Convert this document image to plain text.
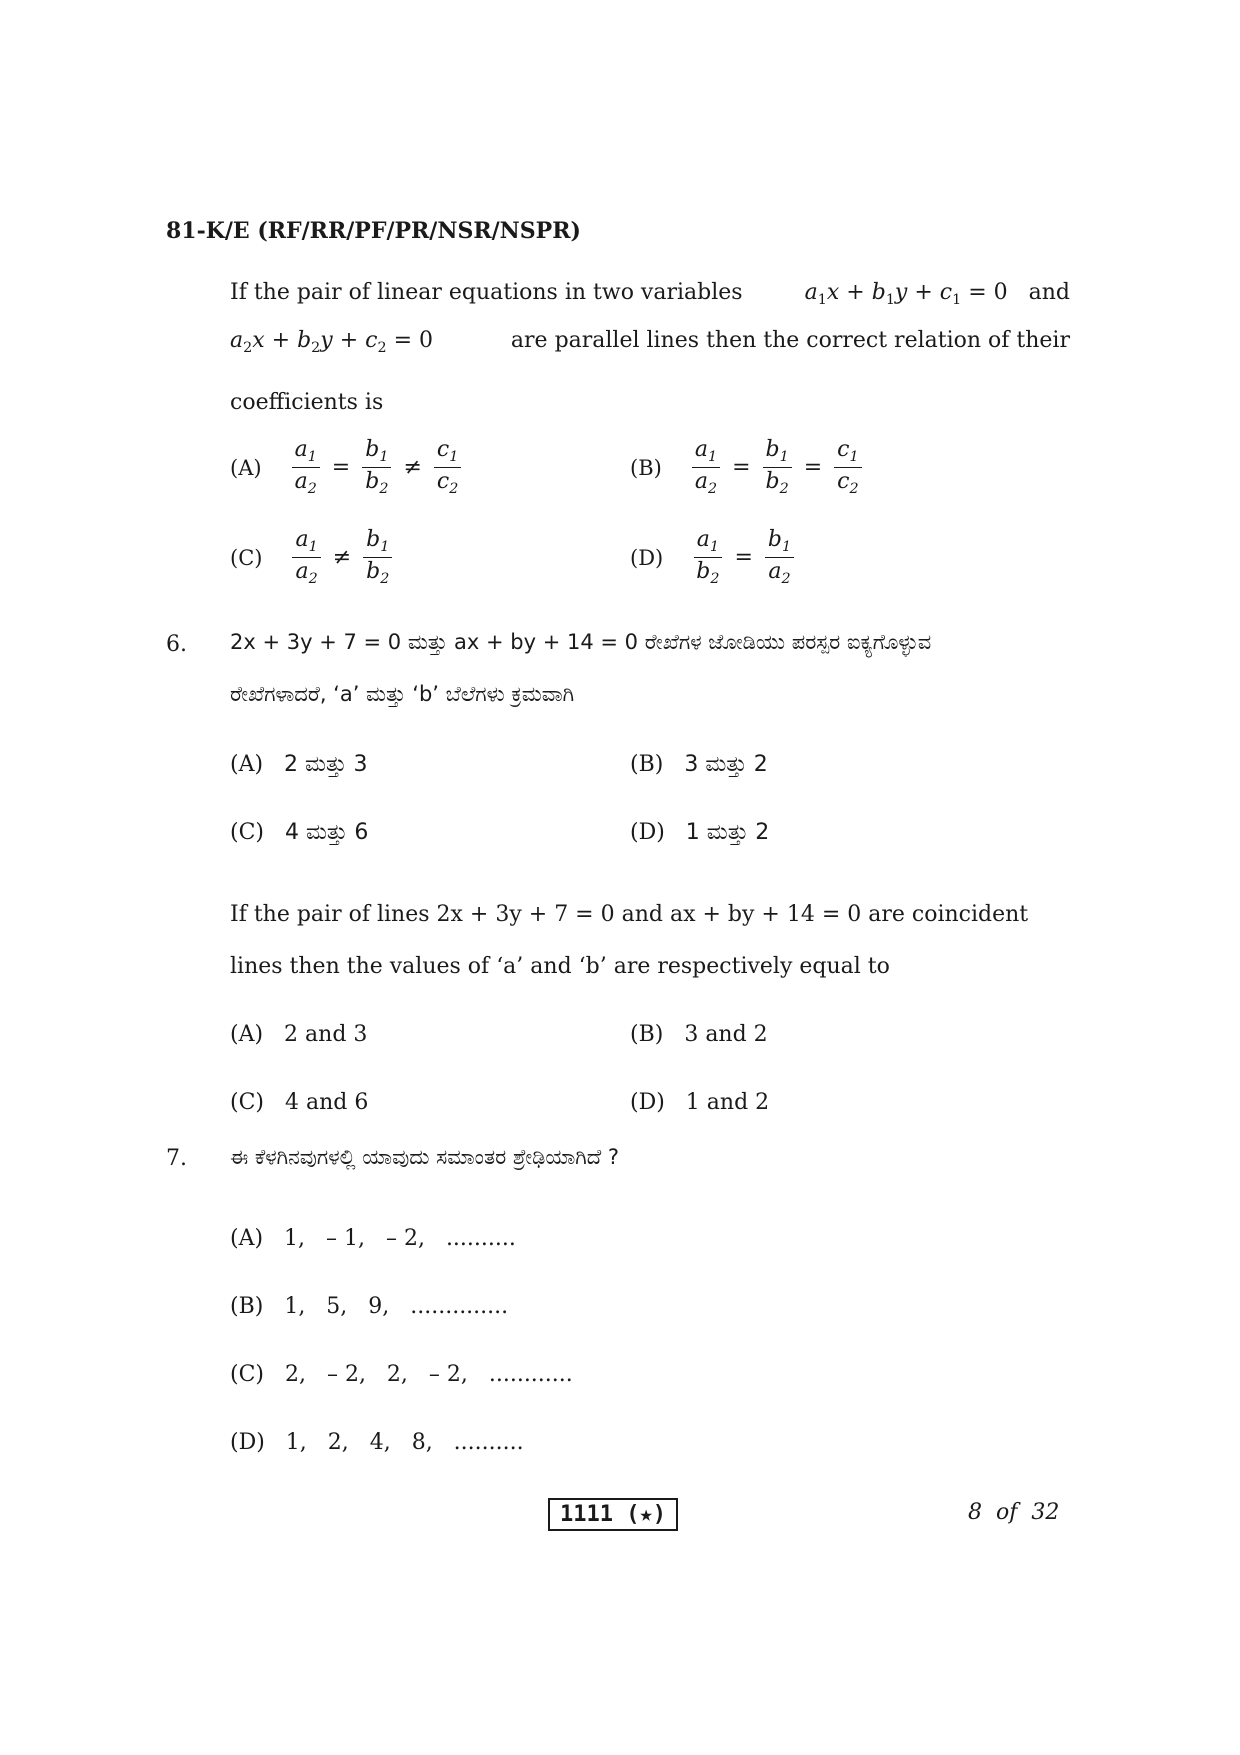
81-K/E (RF/RR/PF/PR/NSR/NSPR)
If the pair of linear equations in two variables	$a_1x + b_1y + c_1 = 0$   and
$a_2x + b_2y + c_2 = 0$	are parallel lines then the correct relation of their
coefficients is
$(A) \frac{a_1}{a_2} = \frac{b_1}{b_2} \ne \frac{c_1}{c_2}$	$(B) \frac{a_1}{a_2} = \frac{b_1}{b_2} = \frac{c_1}{c_2}$
$(C) \frac{a_1}{a_2} \ne \frac{b_1}{b_2}$	$(D) \frac{a_1}{b_2} = \frac{b_1}{a_2}$
6. 2x + 3y + 7 = 0 ಮತ್ತು ax + by + 14 = 0 ರೇಖೆಗಳ ಜೋಡಿಯು ಪರಸ್ಪರ ಐಕ್ಯಗೊಳ್ಳುವ
ರೇಖೆಗಳಾದರೆ, ‘a’ ಮತ್ತು ‘b’ ಬೆಲೆಗಳು ಕ್ರಮವಾಗಿ
(A) 2 ಮತ್ತು 3	(B) 3 ಮತ್ತು 2
(C) 4 ಮತ್ತು 6	(D) 1 ಮತ್ತು 2
If the pair of lines 2x + 3y + 7 = 0 and ax + by + 14 = 0 are coincident
lines then the values of ‘a’ and ‘b’ are respectively equal to
(A) 2 and 3	(B) 3 and 2
(C) 4 and 6	(D) 1 and 2
7. ಈ ಕೆಳಗಿನವುಗಳಲ್ಲಿ ಯಾವುದು ಸಮಾಂತರ ಶ್ರೇಢಿಯಾಗಿದೆ ?
(A) 1,   – 1,   – 2,   ..........
(B) 1,   5,   9,   ..............
(C) 2,   – 2,   2,   – 2,   ............
(D) 1,   2,   4,   8,   ..........
1111 (★)	8  of  32
